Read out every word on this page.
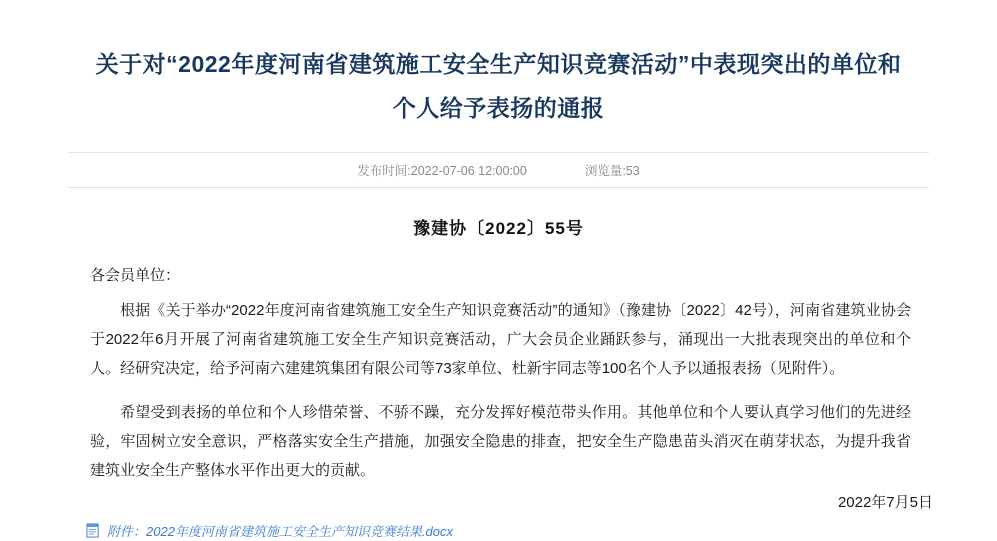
关于对“2022年度河南省建筑施工安全生产知识竞赛活动”中表现突出的单位和个人给予表扬的通报
发布时间:2022-07-06 12:00:00	浏览量:53
豫建协〔2022〕55号
各会员单位：

根据《关于举办“2022年度河南省建筑施工安全生产知识竞赛活动”的通知》（豫建协〔2022〕42号），河南省建筑业协会于2022年6月开展了河南省建筑施工安全生产知识竞赛活动，广大会员企业踊跃参与，涌现出一大批表现突出的单位和个人。经研究决定，给予河南六建建筑集团有限公司等73家单位、杜新宇同志等100名个人予以通报表扬（见附件）。

希望受到表扬的单位和个人珍惜荣誉、不骄不躁，充分发挥好模范带头作用。其他单位和个人要认真学习他们的先进经验，牢固树立安全意识，严格落实安全生产措施，加强安全隐患的排查，把安全生产隐患苗头消灭在萌芽状态，为提升我省建筑业安全生产整体水平作出更大的贡献。

附件：2022年度河南省建筑施工安全生产知识竞赛结果.docx
2022年7月5日
